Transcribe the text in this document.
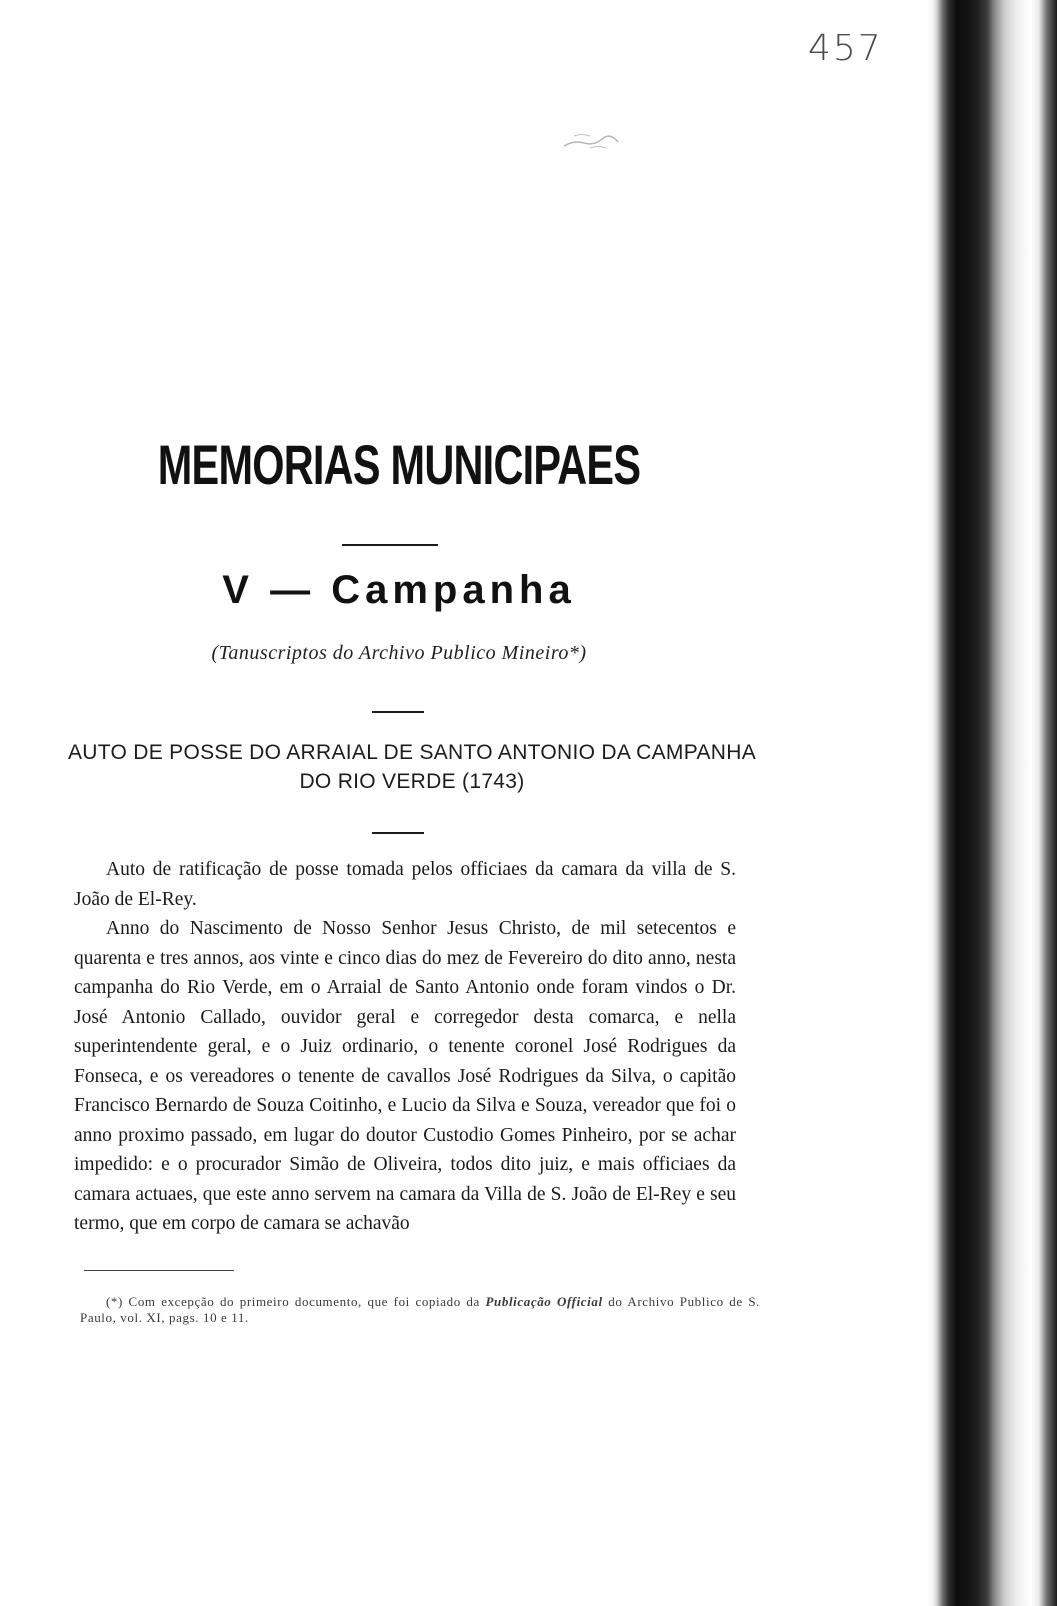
457
MEMORIAS MUNICIPAES
V — Campanha
(Tanuscriptos do Archivo Publico Mineiro*)
AUTO DE POSSE DO ARRAIAL DE SANTO ANTONIO DA CAMPANHA
DO RIO VERDE (1743)

Auto de ratificação de posse tomada pelos officiaes da camara da villa de S. João de El-Rey.

Anno do Nascimento de Nosso Senhor Jesus Christo, de mil setecentos e quarenta e tres annos, aos vinte e cinco dias do mez de Fevereiro do dito anno, nesta campanha do Rio Verde, em o Arraial de Santo Antonio onde foram vindos o Dr. José Antonio Callado, ouvidor geral e corregedor desta comarca, e nella superintendente geral, e o Juiz ordinario, o tenente coronel José Rodrigues da Fonseca, e os vereadores o tenente de cavallos José Rodrigues da Silva, o capitão Francisco Bernardo de Souza Coitinho, e Lucio da Silva e Souza, vereador que foi o anno proximo passado, em lugar do doutor Custodio Gomes Pinheiro, por se achar impedido: e o procurador Simão de Oliveira, todos dito juiz, e mais officiaes da camara actuaes, que este anno servem na camara da Villa de S. João de El-Rey e seu termo, que em corpo de camara se achavão

(*) Com excepção do primeiro documento, que foi copiado da Publicação Official do Archivo Publico de S. Paulo, vol. XI, pags. 10 e 11.
